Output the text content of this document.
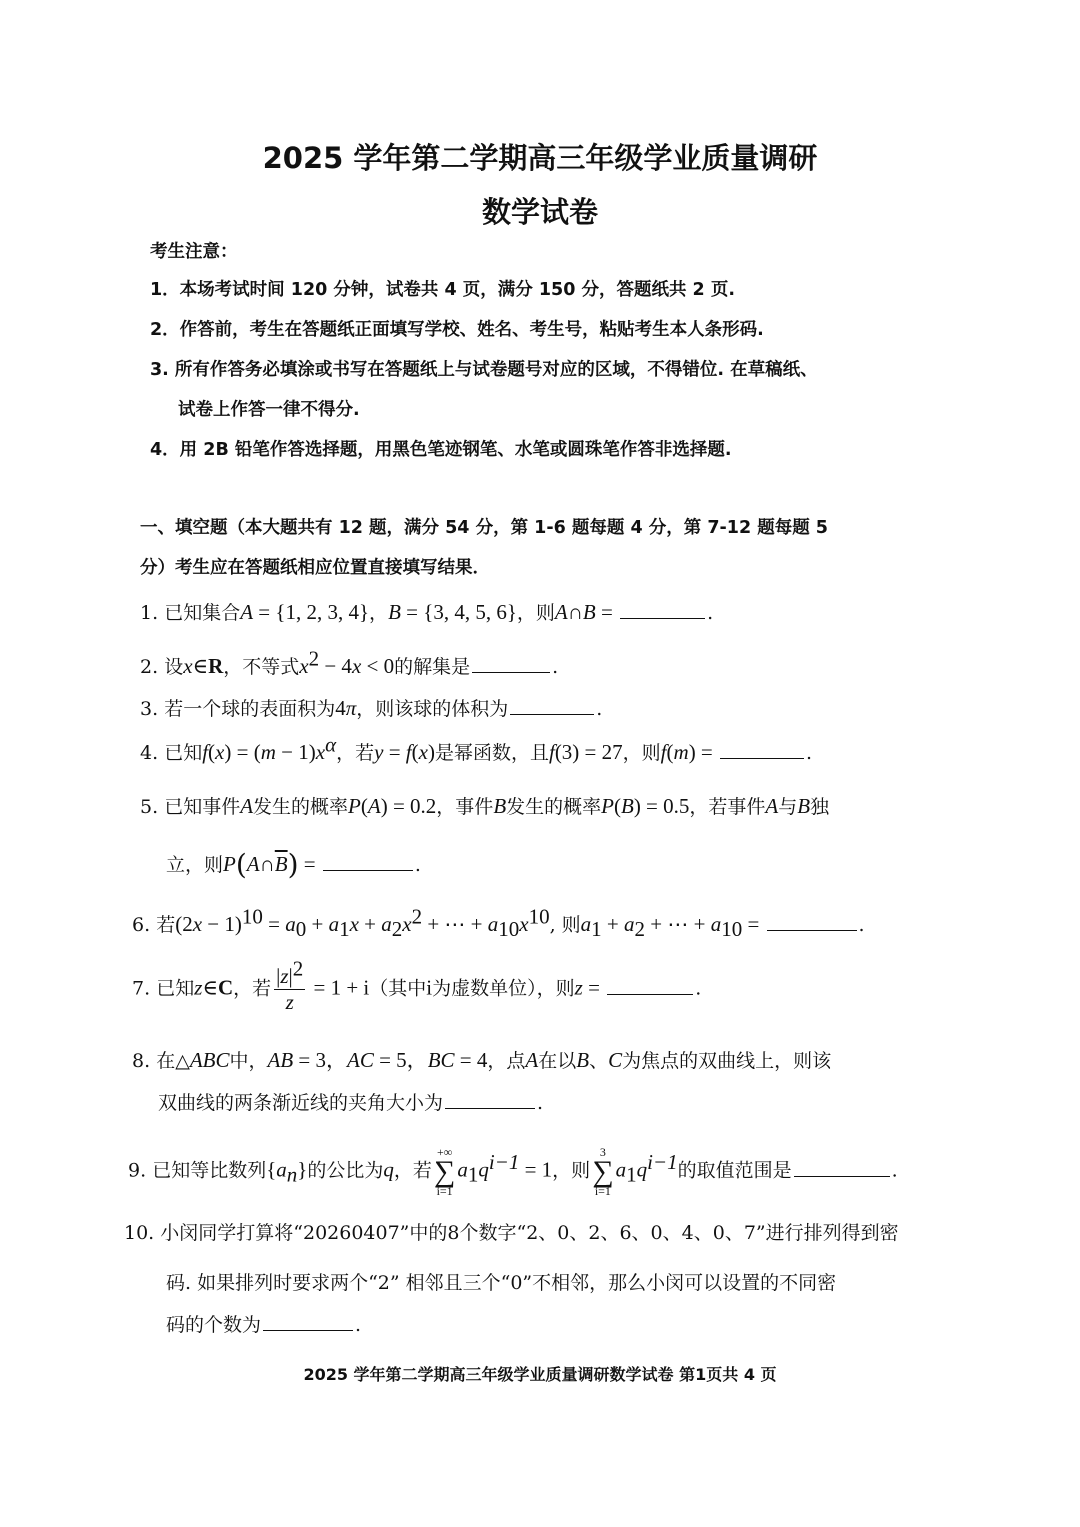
2025 学年第二学期高三年级学业质量调研
数学试卷
考生注意：
1．本场考试时间 120 分钟，试卷共 4 页，满分 150 分，答题纸共 2 页.
2．作答前，考生在答题纸正面填写学校、姓名、考生号，粘贴考生本人条形码.
3. 所有作答务必填涂或书写在答题纸上与试卷题号对应的区域，不得错位. 在草稿纸、
试卷上作答一律不得分.
4．用 2B 铅笔作答选择题，用黑色笔迹钢笔、水笔或圆珠笔作答非选择题.
一、填空题（本大题共有 12 题，满分 54 分，第 1-6 题每题 4 分，第 7-12 题每题 5
分）考生应在答题纸相应位置直接填写结果．
1. 已知集合A = {1, 2, 3, 4}，B = {3, 4, 5, 6}，则A∩B =	.
2. 设x∈R，不等式$x^2 - 4x < 0$的解集是	.
3. 若一个球的表面积为4π，则该球的体积为	.
4. 已知$f(x) = (m - 1)x^\alpha$，若y = f(x)是幂函数，且f(3) = 27，则f(m) =	.
5. 已知事件A发生的概率P(A) = 0.2，事件B发生的概率P(B) = 0.5，若事件A与B独
立，则$P(A\cap\overline{B})$ =	.
6. 若$(2x - 1)^{10} = a_0 + a_1x + a_2x^2$ + ⋯ + $a_{10}x^{10}$, 则$a_1 + a_2$ + ⋯ + $a_{10}$ =	.
7. 已知z∈C，若 $\frac{|z|^2}{z} = 1 + i$（其中i为虚数单位），则z =	.
8. 在△ABC中，AB = 3，AC = 5，BC = 4，点A在以B、C为焦点的双曲线上，则该
双曲线的两条渐近线的夹角大小为	.
9. 已知等比数列$\{a_n\}$的公比为q，若
+∞
∑
i=1
$a_1q^{i-1} = 1$，则
3
∑
i=1
$a_1q^{i-1}$的取值范围是	.
10. 小闵同学打算将“20260407”中的8个数字“2、0、2、6、0、4、0、7”进行排列得到密
码. 如果排列时要求两个“2” 相邻且三个“0”不相邻，那么小闵可以设置的不同密
码的个数为	.
2025 学年第二学期高三年级学业质量调研数学试卷 第1页共 4 页
